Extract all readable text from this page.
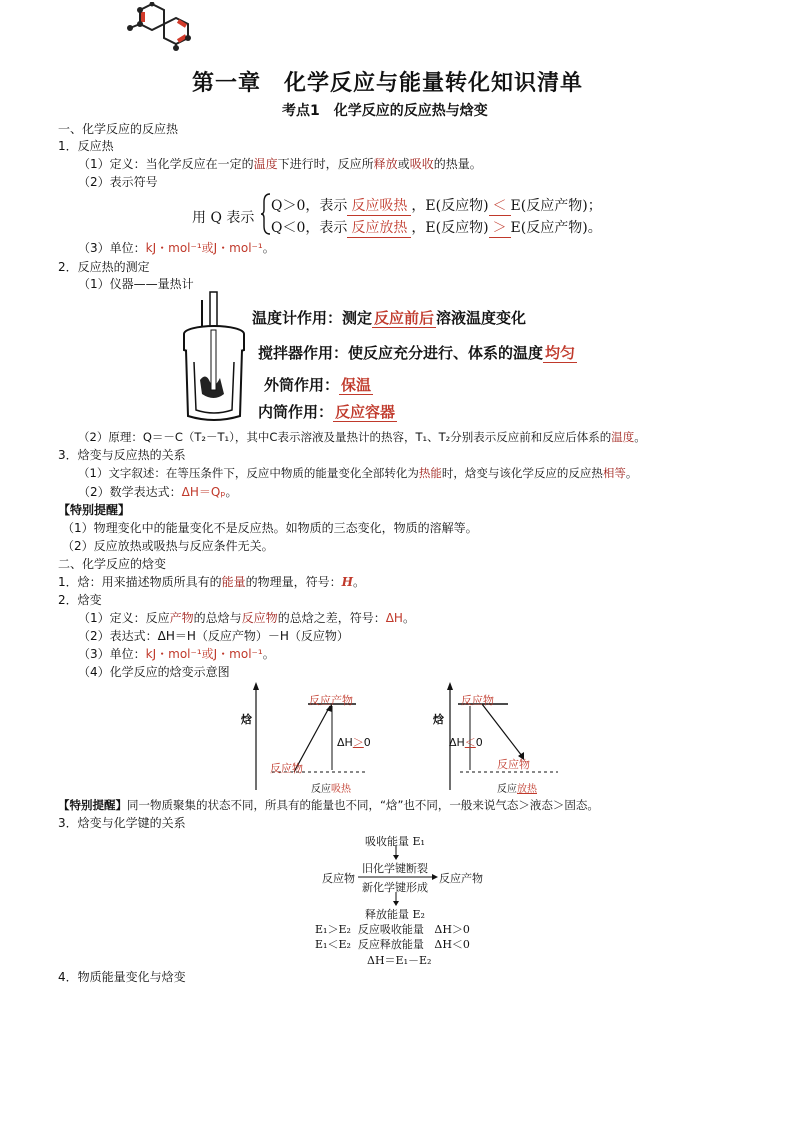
第一章　化学反应与能量转化知识清单
考点1　化学反应的反应热与焓变
一、化学反应的反应热
1．反应热
（1）定义：当化学反应在一定的温度下进行时，反应所释放或吸收的热量。
（2）表示符号
用 Q 表示
Q＞0，表示 反应吸热 ，E(反应物) ＜ E(反应产物)；
Q＜0，表示 反应放热 ，E(反应物) ＞ E(反应产物)。
（3）单位：kJ・mol⁻¹或J・mol⁻¹。
2．反应热的测定
（1）仪器——量热计
温度计作用：测定 反应前后 溶液温度变化
搅拌器作用：使反应充分进行、体系的温度 均匀
外筒作用： 保温
内筒作用： 反应容器
（2）原理：Q＝－C（T₂－T₁），其中C表示溶液及量热计的热容，T₁、T₂分别表示反应前和反应后体系的温度。
3．焓变与反应热的关系
（1）文字叙述：在等压条件下，反应中物质的能量变化全部转化为热能时，焓变与该化学反应的反应热相等。
（2）数学表达式：ΔH＝Qₚ。
【特别提醒】
（1）物理变化中的能量变化不是反应热。如物质的三态变化，物质的溶解等。
（2）反应放热或吸热与反应条件无关。
二、化学反应的焓变
1．焓：用来描述物质所具有的能量的物理量，符号：H。
2．焓变
（1）定义：反应产物的总焓与反应物的总焓之差，符号：ΔH。
（2）表达式：ΔH＝H（反应产物）－H（反应物）
（3）单位：kJ・mol⁻¹或J・mol⁻¹。
（4）化学反应的焓变示意图
焓
反应产物
反应物
ΔH＞0
反应吸热
焓
反应物
反应物
ΔH＜0
反应放热
【特别提醒】同一物质聚集的状态不同，所具有的能量也不同，“焓”也不同，一般来说气态＞液态＞固态。
3．焓变与化学键的关系
吸收能量 E₁
旧化学键断裂
反应物	反应产物
新化学键形成
释放能量 E₂
E₁＞E₂ 反应吸收能量 ΔH＞0
E₁＜E₂ 反应释放能量 ΔH＜0
ΔH＝E₁－E₂
4．物质能量变化与焓变
